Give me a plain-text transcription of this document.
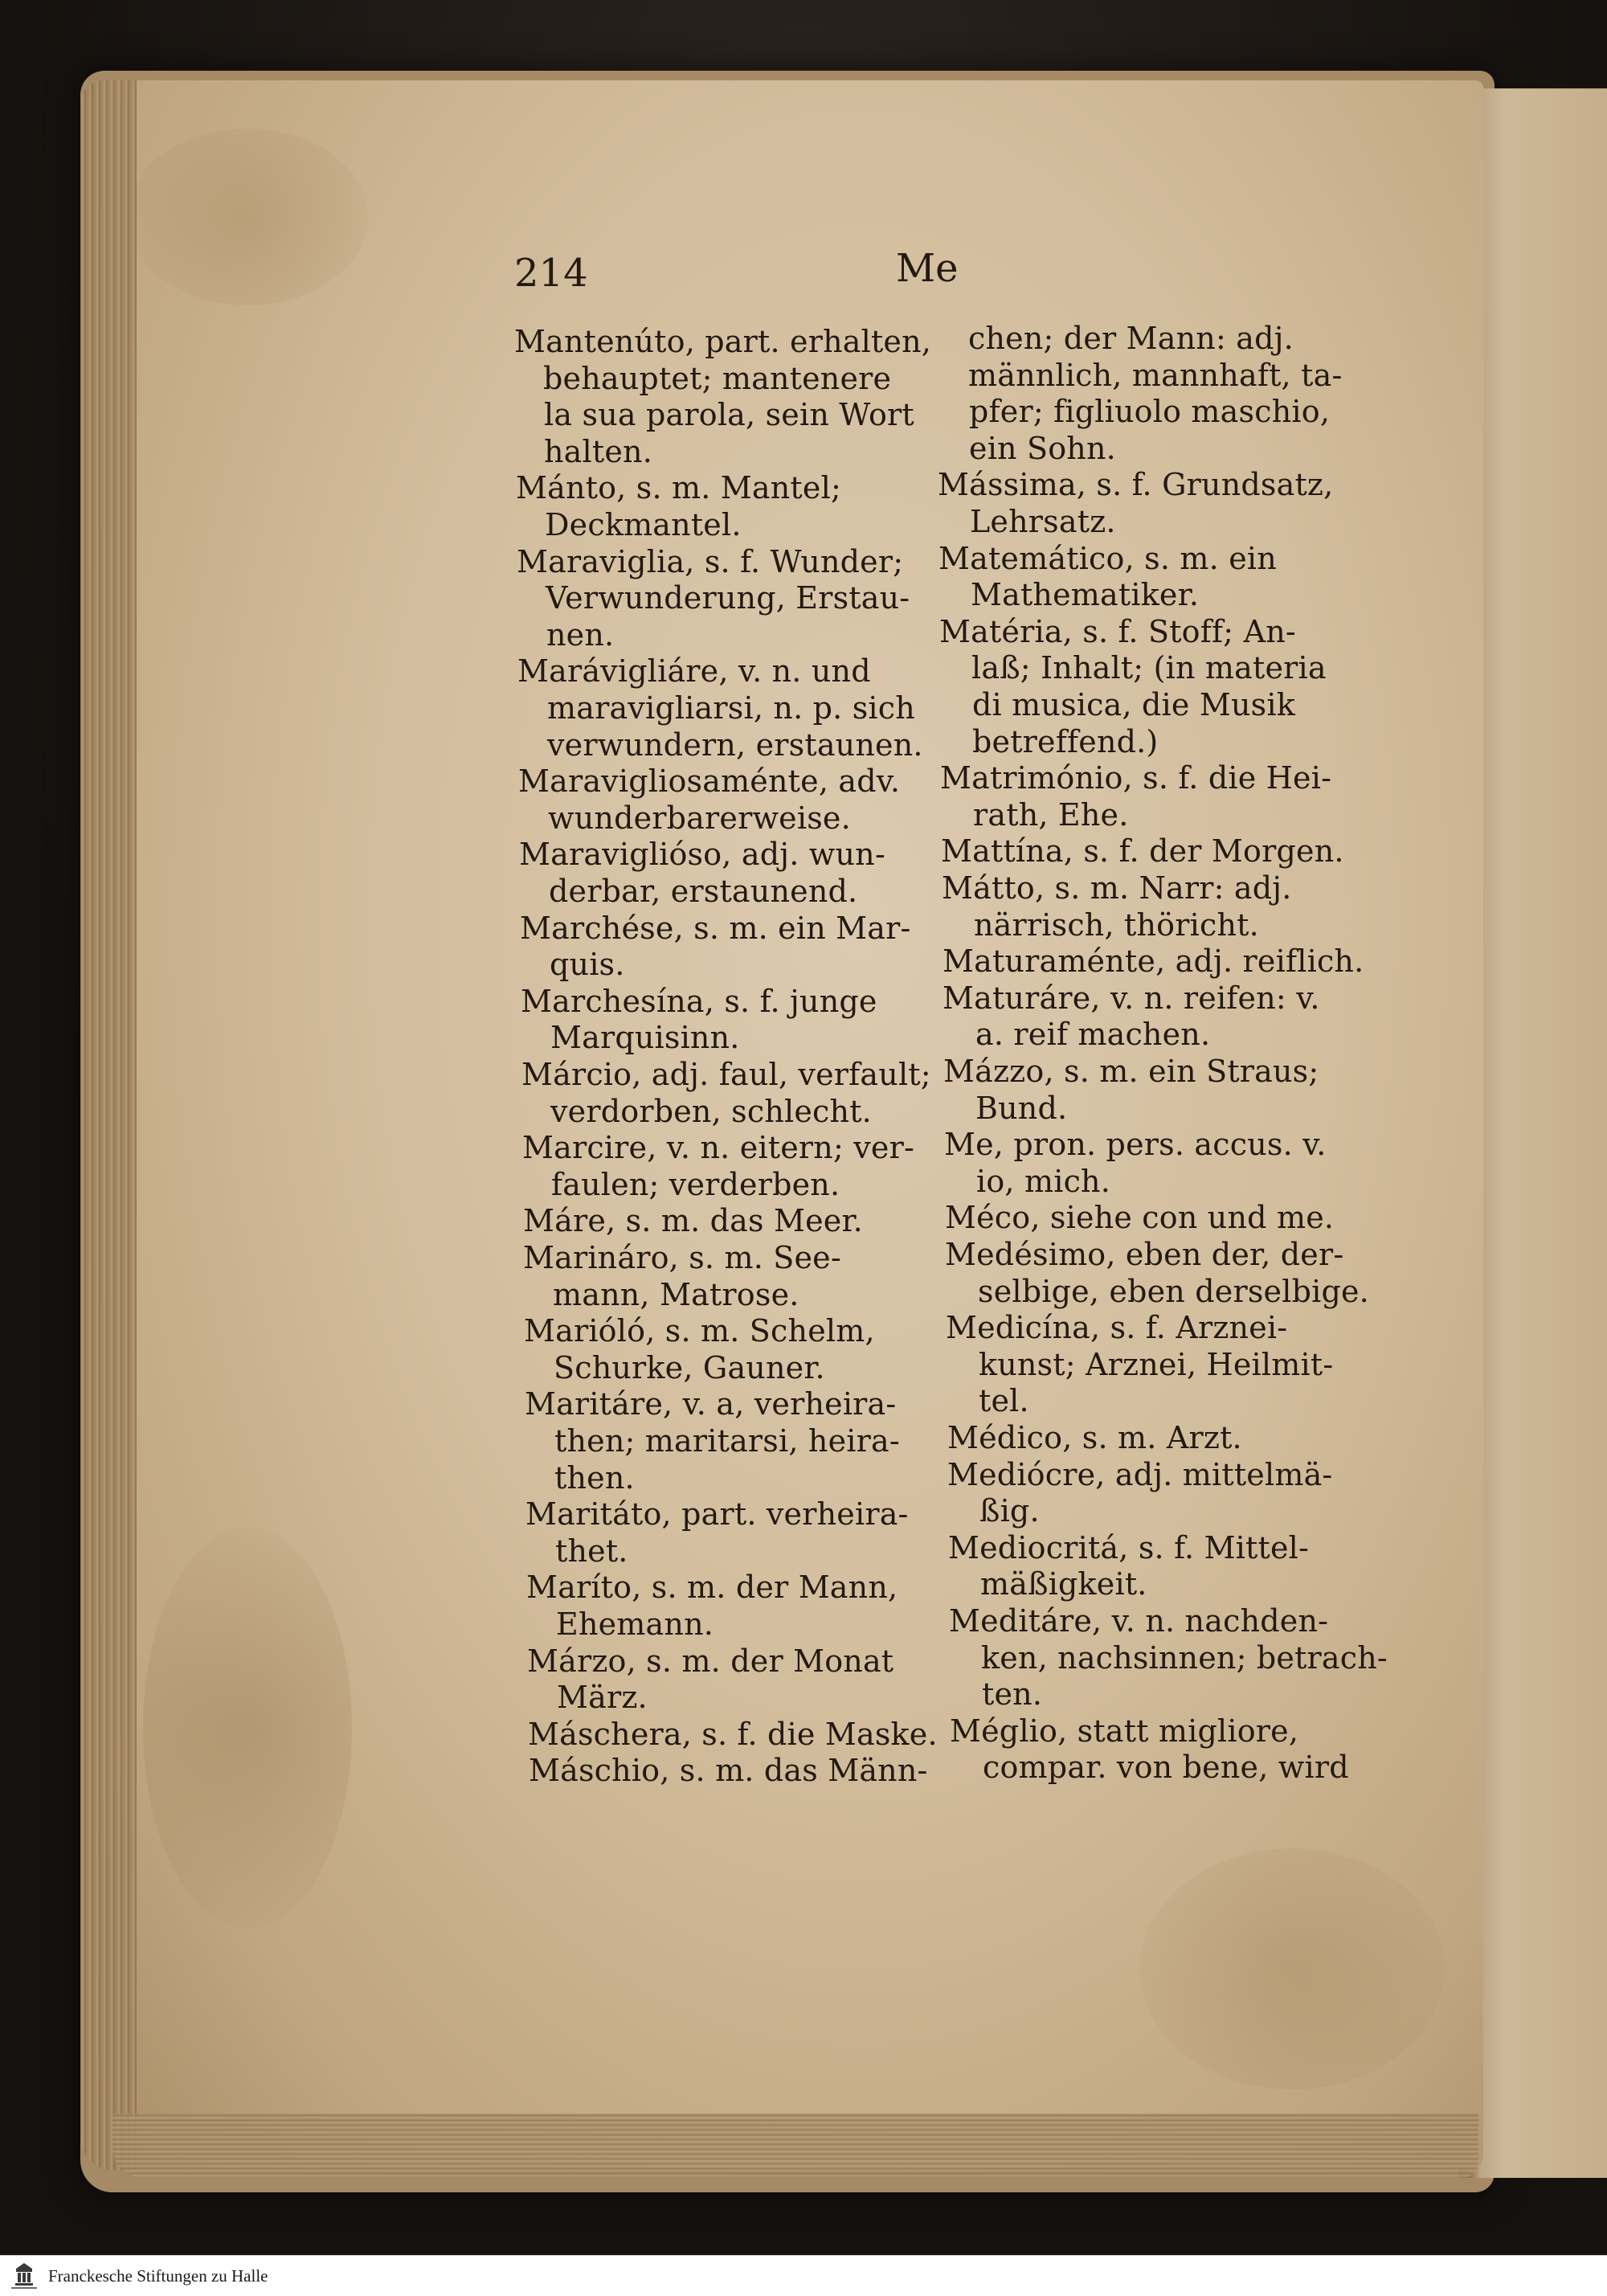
214	Me
Mantenúto, part. erhalten,
behauptet; mantenere
la sua parola, sein Wort
halten.
Mánto, s. m. Mantel;
Deckmantel.
Maraviglia, s. f. Wunder;
Verwunderung, Erstau-
nen.
Marávigliáre, v. n. und
maravigliarsi, n. p. sich
verwundern, erstaunen.
Maravigliosaménte, adv.
wunderbarerweise.
Maraviglióso, adj. wun-
derbar, erstaunend.
Marchése, s. m. ein Mar-
quis.
Marchesína, s. f. junge
Marquisinn.
Márcio, adj. faul, verfault;
verdorben, schlecht.
Marcire, v. n. eitern; ver-
faulen; verderben.
Máre, s. m. das Meer.
Marináro, s. m. See-
mann, Matrose.
Marióló, s. m. Schelm,
Schurke, Gauner.
Maritáre, v. a, verheira-
then; maritarsi, heira-
then.
Maritáto, part. verheira-
thet.
Maríto, s. m. der Mann,
Ehemann.
Márzo, s. m. der Monat
März.
Máschera, s. f. die Maske.
Máschio, s. m. das Männ-
chen; der Mann: adj.
männlich, mannhaft, ta-
pfer; figliuolo maschio,
ein Sohn.
Mássima, s. f. Grundsatz,
Lehrsatz.
Matemático, s. m. ein
Mathematiker.
Matéria, s. f. Stoff; An-
laß; Inhalt; (in materia
di musica, die Musik
betreffend.)
Matrimónio, s. f. die Hei-
rath, Ehe.
Mattína, s. f. der Morgen.
Mátto, s. m. Narr: adj.
närrisch, thöricht.
Maturaménte, adj. reiflich.
Maturáre, v. n. reifen: v.
a. reif machen.
Mázzo, s. m. ein Straus;
Bund.
Me, pron. pers. accus. v.
io, mich.
Méco, siehe con und me.
Medésimo, eben der, der-
selbige, eben derselbige.
Medicína, s. f. Arznei-
kunst; Arznei, Heilmit-
tel.
Médico, s. m. Arzt.
Mediócre, adj. mittelmä-
ßig.
Mediocritá, s. f. Mittel-
mäßigkeit.
Meditáre, v. n. nachden-
ken, nachsinnen; betrach-
ten.
Méglio, statt migliore,
compar. von bene, wird
Franckesche Stiftungen zu Halle
